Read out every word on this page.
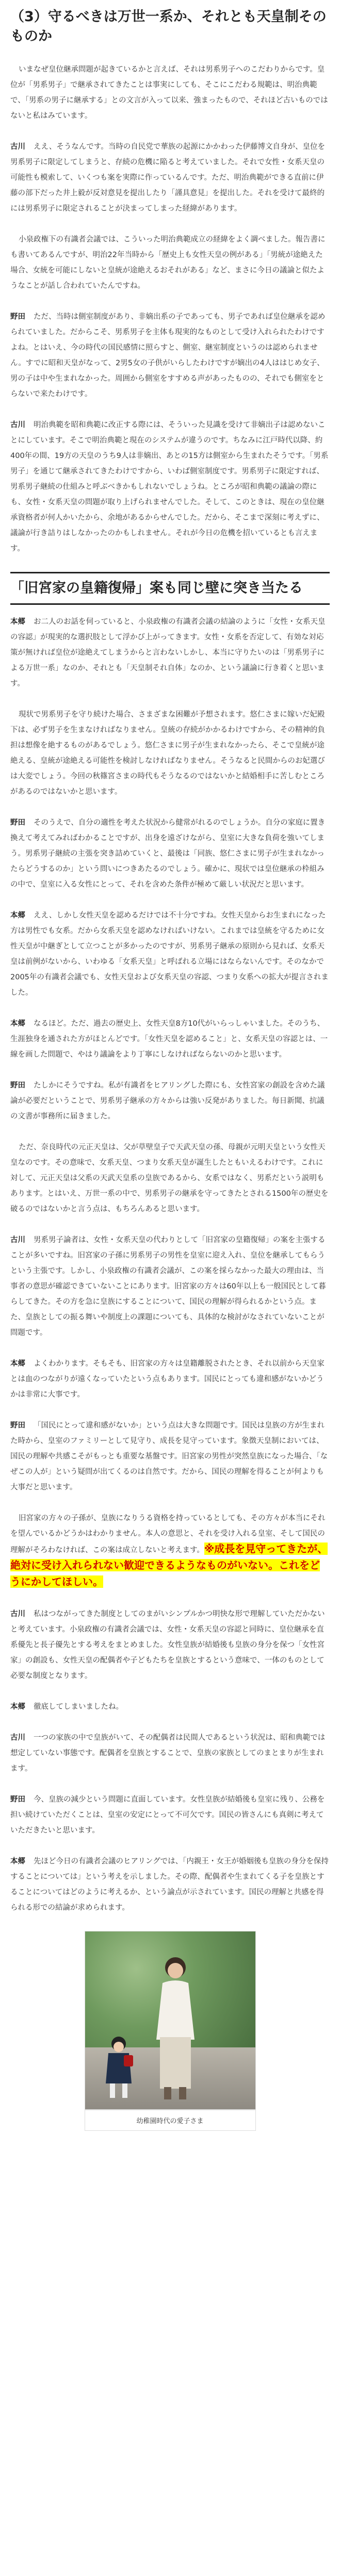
（3）守るべきは万世一系か、それとも天皇制そのものか

いまなぜ皇位継承問題が起きているかと言えば、それは男系男子へのこだわりからです。皇位が「男系男子」で継承されてきたことは事実にしても、そこにこだわる規範は、明治典範で、「男系の男子に継承する」との文言が入って以来、強まったもので、それほど古いものではないと私はみています。

古川 ええ、そうなんです。当時の自民党で華族の起源にかかわった伊藤博文自身が、皇位を男系男子に限定してしまうと、存続の危機に陥ると考えていました。それで女性・女系天皇の可能性も模索して、いくつも案を実際に作っているんです。ただ、明治典範ができる直前に伊藤の部下だった井上毅が反対意見を提出したり「謹具意見」を提出した。それを受けて最終的には男系男子に限定されることが決まってしまった経緯があります。

小泉政権下の有識者会議では、こういった明治典範成立の経緯をよく調べました。報告書にも書いてあるんですが、明治22年当時から「歴史上も女性天皇の例がある」「男統が途絶えた場合、女統を可能にしないと皇統が途絶えるおそれがある」など、まさに今日の議論と似たようなことが話し合われていたんですね。

野田 ただ、当時は側室制度があり、非嫡出系の子であっても、男子であれば皇位継承を認められていました。だからこそ、男系男子を主体も現実的なものとして受け入れられたわけですよね。とはいえ、今の時代の国民感情に照らすと、側室、継室制度というのは認められません。すでに昭和天皇がなって、2男5女の子供がいらしたわけですが嫡出の4人ははじめ女子、男の子は中や生まれなかった。周囲から側室をすすめる声があったものの、それでも側室をとらないで来たわけです。

古川 明治典範を昭和典範に改正する際には、そういった見識を受けて非嫡出子は認めないことにしています。そこで明治典範と現在のシステムが違うのです。ちなみに江戸時代以降、約400年の間、19方の天皇のうち9人は非嫡出、あとの15方は側室から生まれたそうです。「男系男子」を通じて継承されてきたわけですから、いわば側室制度です。男系男子に限定すれば、男系男子継続の仕組みと呼ぶべきかもしれないでしょうね。ところが昭和典範の議論の際にも、女性・女系天皇の問題が取り上げられませんでした。そして、このときは、現在の皇位継承資格者が何人かいたから、余地があるからせんでした。だから、そこまで深刻に考えずに、議論が行き詰りはしなかったのかもしれません。それが今日の危機を招いているとも言えます。

「旧宮家の皇籍復帰」案も同じ壁に突き当たる

本郷 お二人のお話を伺っていると、小泉政権の有識者会議の結論のように「女性・女系天皇の容認」が現実的な選択肢として浮かび上がってきます。女性・女系を否定して、有効な対応策が無ければ皇位が途絶えてしまうからと言わないしかし、本当に守りたいのは「男系男子による万世一系」なのか、それとも「天皇制それ自体」なのか、という議論に行き着くと思います。

現状で男系男子を守り続けた場合、さまざまな困難が予想されます。悠仁さまに嫁いだ妃殿下は、必ず男子を生まなければなりません。皇統の存続がかかるわけですから、その精神的負担は想像を絶するものがあるでしょう。悠仁さまに男子が生まれなかったら、そこで皇統が途絶える、皇統が途絶える可能性を検討しなければなりません。そうなると民間からのお妃選びは大変でしょう。今回の秋篠宮さまの時代もそうなるのではないかと結婚相手に苦しむところがあるのではないかと思います。

野田 そのうえで、自分の適性を考えた状況から健常がれるのでしょうか。自分の家庭に置き換えて考えてみればわかることですが、出身を遠ざけながら、皇室に大きな負荷を強いてしまう。男系男子継続の主張を突き詰めていくと、最後は「同族、悠仁さまに男子が生まれなかったらどうするのか」という問いにつきあたるのでしょう。確かに、現状では皇位継承の枠組みの中で、皇室に入る女性にとって、それを含めた条件が極めて厳しい状況だと思います。

本郷 ええ、しかし女性天皇を認めるだけでは不十分ですね。女性天皇からお生まれになった方は男性でも女系。だから女系天皇を認めなければいけない。これまでは皇統を守るために女性天皇が中継ぎとして立つことが多かったのですが、男系男子継承の原則から見れば、女系天皇は前例がないから、いわゆる「女系天皇」と呼ばれる立場にはならないんです。そのなかで2005年の有識者会議でも、女性天皇および女系天皇の容認、つまり女系への拡大が提言されました。

本郷 なるほど。ただ、過去の歴史上、女性天皇8方10代がいらっしゃいました。そのうち、生涯独身を通された方がほとんどです。「女性天皇を認めること」と、女系天皇の容認とは、一線を画した問題で、やはり議論をより丁寧にしなければならないのかと思います。

野田 たしかにそうですね。私が有識者をヒアリングした際にも、女性宮家の創設を含めた議論が必要だということで、男系男子継承の方々からは強い反発がありました。毎日新聞、抗議の文書が事務所に届きました。

ただ、奈良時代の元正天皇は、父が草壁皇子で天武天皇の孫、母親が元明天皇という女性天皇なのです。その意味で、女系天皇、つまり女系天皇が誕生したともいえるわけです。これに対して、元正天皇は父系の天武天皇系の皇族であるから、女系ではなく、男系だという説明もあります。とはいえ、万世一系の中で、男系男子の継承を守ってきたとされる1500年の歴史を破るのではないかと言う点は、もちろんあると思います。

古川 男系男子論者は、女性・女系天皇の代わりとして「旧宮家の皇籍復帰」の案を主張することが多いですね。旧宮家の子孫に男系男子の男性を皇室に迎え入れ、皇位を継承してもらうという主張です。しかし、小泉政権の有識者会議が、この案を採らなかった最大の理由は、当事者の意思が確認できていないことにあります。旧宮家の方々は60年以上も一般国民として暮らしてきた。その方を急に皇族にすることについて、国民の理解が得られるかという点。また、皇族としての振る舞いや制度上の課題についても、具体的な検討がなされていないことが問題です。

本郷 よくわかります。そもそも、旧宮家の方々は皇籍離脱されたとき、それ以前から天皇家とは血のつながりが遠くなっていたという点もあります。国民にとっても違和感がないかどうかは非常に大事です。

野田 「国民にとって違和感がないか」という点は大きな問題です。国民は皇族の方が生まれた時から、皇室のファミリーとして見守り、成長を見守っています。象徴天皇制においては、国民の理解や共感こそがもっとも重要な基盤です。旧宮家の男性が突然皇族になった場合、「なぜこの人が」という疑問が出てくるのは自然です。だから、国民の理解を得ることが何よりも大事だと思います。

旧宮家の方々の子孫が、皇族になりうる資格を持っているとしても、その方々が本当にそれを望んでいるかどうかはわかりません。本人の意思と、それを受け入れる皇室、そして国民の理解がそろわなければ、この案は成立しないと考えます。※成長を見守ってきたが、絶対に受け入れられない歓迎できるようなものがいない。これをどうにかしてほしい。

古川 私はつながってきた制度としてのまがいシンプルかつ明快な形で理解していただかないと考えています。小泉政権の有識者会議では、女性・女系天皇の容認と同時に、皇位継承を直系優先と長子優先とする考えをまとめました。女性皇族が結婚後も皇族の身分を保つ「女性宮家」の創設も、女性天皇の配偶者や子どもたちを皇族とするという意味で、一体のものとして必要な制度となります。

本郷 徹底してしまいましたね。

古川 一つの家族の中で皇族がいて、その配偶者は民間人であるという状況は、昭和典範では想定していない事態です。配偶者を皇族とすることで、皇族の家族としてのまとまりが生まれます。

野田 今、皇族の減少という問題に直面しています。女性皇族が結婚後も皇室に残り、公務を担い続けていただくことは、皇室の安定にとって不可欠です。国民の皆さんにも真剣に考えていただきたいと思います。

本郷 先ほど今日の有識者会議のヒアリングでは、「内親王・女王が婚姻後も皇族の身分を保持することについては」という考えを示しました。その際、配偶者や生まれてくる子を皇族とすることについてはどのように考えるか、という論点が示されています。国民の理解と共感を得られる形での結論が求められます。

幼稚園時代の愛子さま
